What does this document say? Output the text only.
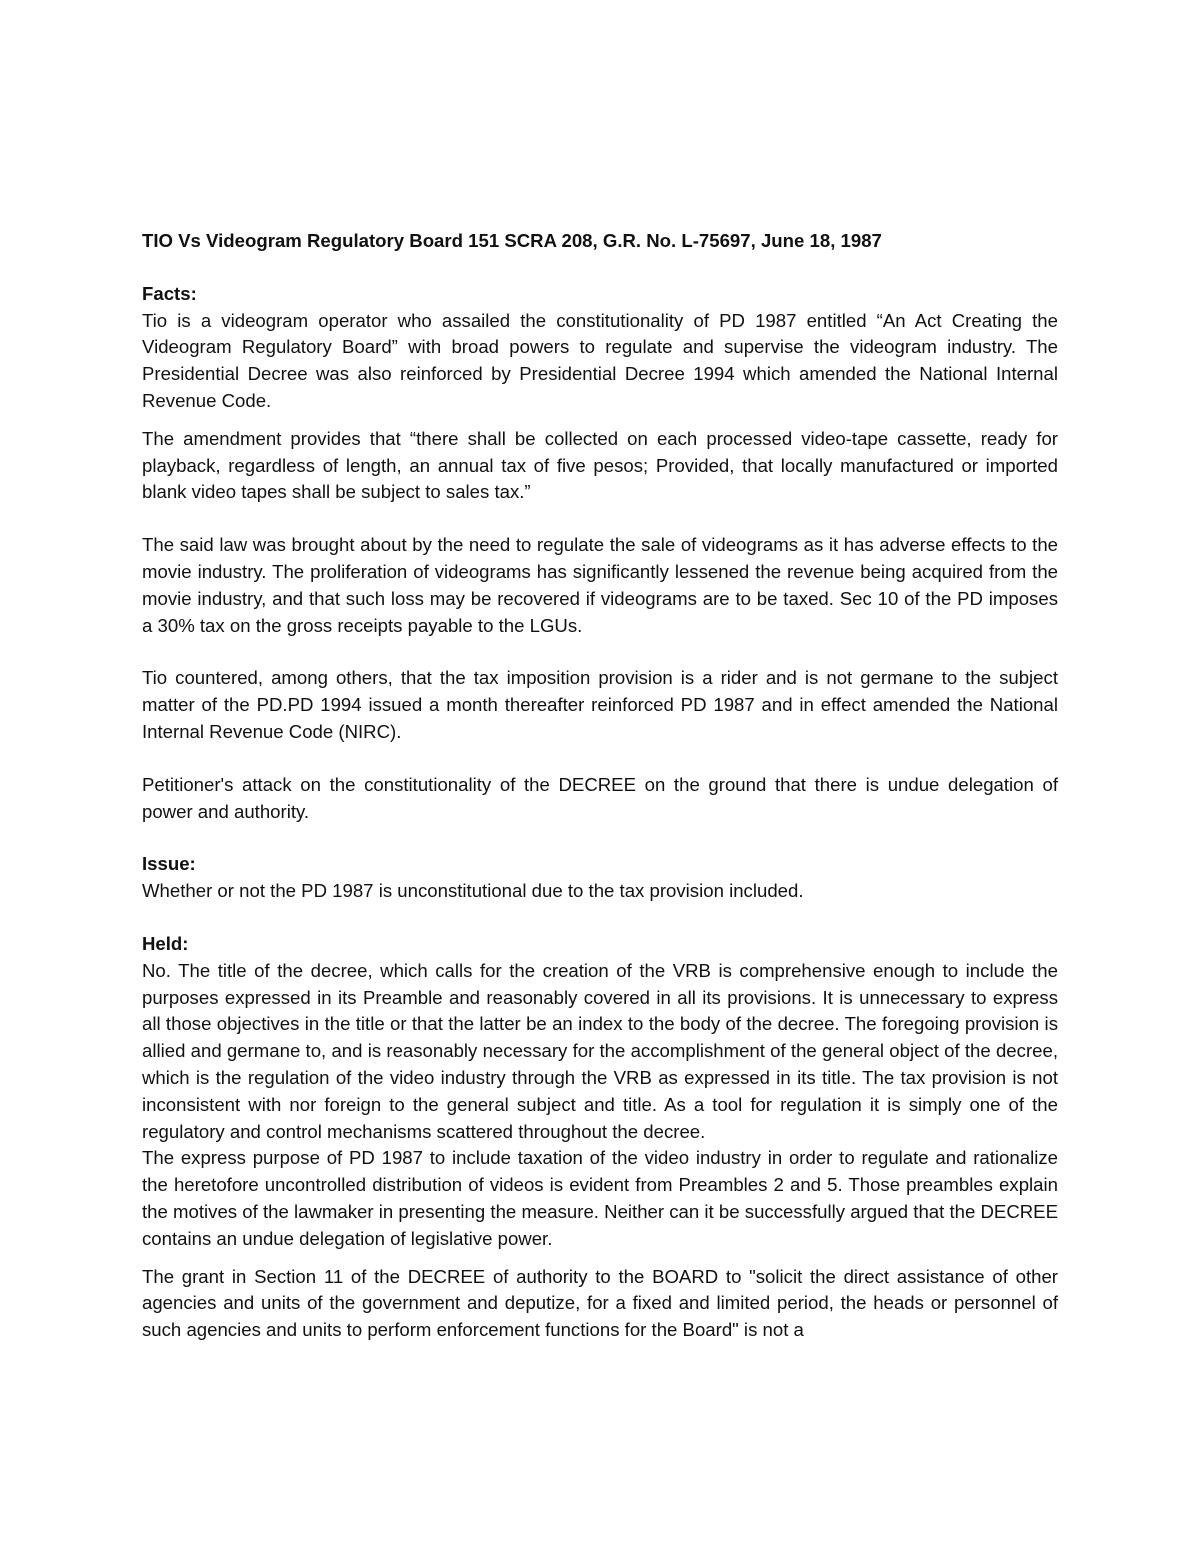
TIO Vs Videogram Regulatory Board 151 SCRA 208, G.R. No. L-75697, June 18, 1987

Facts:

Tio is a videogram operator who assailed the constitutionality of PD 1987 entitled “An Act Creating the Videogram Regulatory Board” with broad powers to regulate and supervise the videogram industry. The Presidential Decree was also reinforced by Presidential Decree 1994 which amended the National Internal Revenue Code.

The amendment provides that “there shall be collected on each processed video-tape cassette, ready for playback, regardless of length, an annual tax of five pesos; Provided, that locally manufactured or imported blank video tapes shall be subject to sales tax.”

The said law was brought about by the need to regulate the sale of videograms as it has adverse effects to the movie industry. The proliferation of videograms has significantly lessened the revenue being acquired from the movie industry, and that such loss may be recovered if videograms are to be taxed. Sec 10 of the PD imposes a 30% tax on the gross receipts payable to the LGUs.

Tio countered, among others, that the tax imposition provision is a rider and is not germane to the subject matter of the PD.PD 1994 issued a month thereafter reinforced PD 1987 and in effect amended the National Internal Revenue Code (NIRC).

Petitioner's attack on the constitutionality of the DECREE on the ground that there is undue delegation of power and authority.

Issue:

Whether or not the PD 1987 is unconstitutional due to the tax provision included.

Held:

No. The title of the decree, which calls for the creation of the VRB is comprehensive enough to include the purposes expressed in its Preamble and reasonably covered in all its provisions. It is unnecessary to express all those objectives in the title or that the latter be an index to the body of the decree. The foregoing provision is allied and germane to, and is reasonably necessary for the accomplishment of the general object of the decree, which is the regulation of the video industry through the VRB as expressed in its title. The tax provision is not inconsistent with nor foreign to the general subject and title. As a tool for regulation it is simply one of the regulatory and control mechanisms scattered throughout the decree.

The express purpose of PD 1987 to include taxation of the video industry in order to regulate and rationalize the heretofore uncontrolled distribution of videos is evident from Preambles 2 and 5. Those preambles explain the motives of the lawmaker in presenting the measure. Neither can it be successfully argued that the DECREE contains an undue delegation of legislative power.

The grant in Section 11 of the DECREE of authority to the BOARD to "solicit the direct assistance of other agencies and units of the government and deputize, for a fixed and limited period, the heads or personnel of such agencies and units to perform enforcement functions for the Board" is not a
